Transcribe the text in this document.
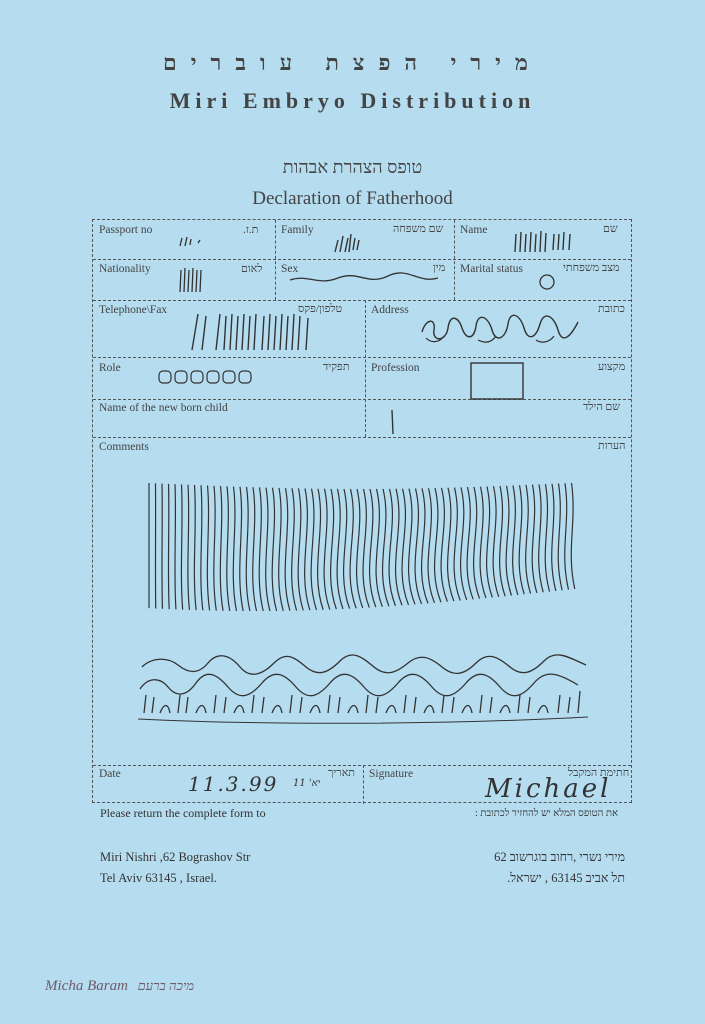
מירי הפצת עוברים
Miri Embryo Distribution
טופס הצהרת אבהות
Declaration of Fatherhood
Passport no	ת.ז. Family	שם משפחה Name	שם
Nationality	לאום Sex	מין Marital status	מצב משפחתי
Telephone\Fax	טלפון/פקס	Address	כתובת
Role	תפקיד Profession	מקצוע
Name of the new born child	שם הילד
Comments	הערות
Date	תאריך
11.3.99 יא' 11
Signature	חתימת המקבל
Michael
Please return the complete form to	את הטופס המלא יש להחזיר לכתובת :
Miri Nishri ,62 Bograshov Str
Tel Aviv 63145 , Israel.
מירי נשרי ,רחוב בוגרשוב 62
תל אביב 63145 , ישראל.
Micha Baram מיכה ברעם
